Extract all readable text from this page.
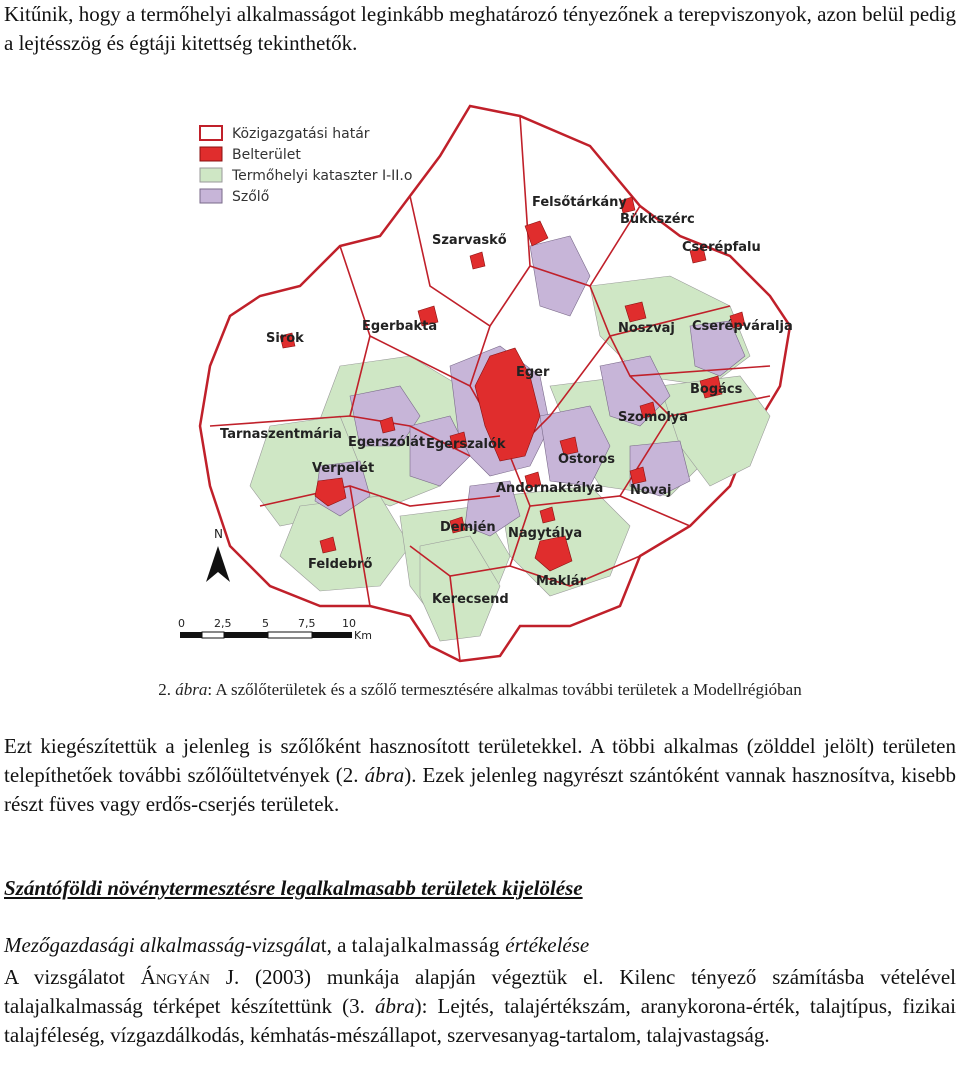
Kitűnik, hogy a termőhelyi alkalmasságot leginkább meghatározó tényezőnek a terepviszonyok, azon belül pedig a lejtésszög és égtáji kitettség tekinthetők.

Közigazgatási határ
Belterület
Termőhelyi kataszter I-II.o
Szőlő
Szarvaskő
Felsőtárkány
Bükkszérc
Cserépfalu
Sirok
Egerbakta	Noszvaj Cserépváralja
Eger
Bogács
Szomolya
Tarnaszentmária
Egerszólát Egerszalók
Ostoros
Verpelét
Andornaktálya Novaj
Demjén Nagytálya
Feldebrő
Maklár
Kerecsend
N
0	2,5	5	7,5 10
Km
2. ábra: A szőlőterületek és a szőlő termesztésére alkalmas további területek a Modellrégióban

Ezt kiegészítettük a jelenleg is szőlőként hasznosított területekkel. A többi alkalmas (zölddel jelölt) területen telepíthetőek további szőlőültetvények (2. ábra). Ezek jelenleg nagyrészt szántóként vannak hasznosítva, kisebb részt füves vagy erdős-cserjés területek.

Szántóföldi növénytermesztésre legalkalmasabb területek kijelölése

Mezőgazdasági alkalmasság-vizsgálat, a talajalkalmasság értékelése

A vizsgálatot Ángyán J. (2003) munkája alapján végeztük el. Kilenc tényező számításba vételével talajalkalmasság térképet készítettünk (3. ábra): Lejtés, talajértékszám, aranykorona-érték, talajtípus, fizikai talajféleség, vízgazdálkodás, kémhatás-mészállapot, szervesanyag-tartalom, talajvastagság.
